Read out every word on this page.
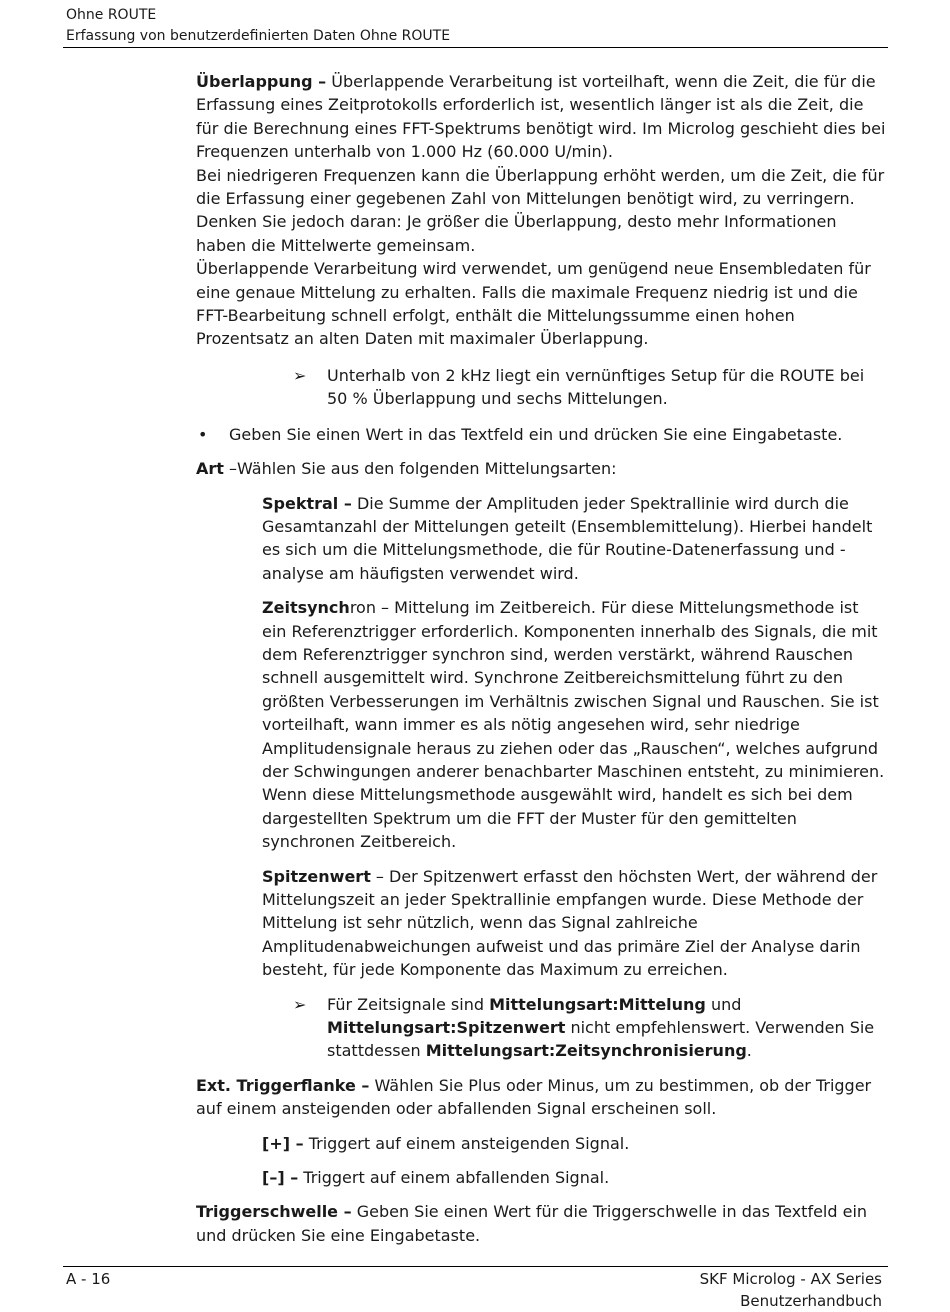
Ohne ROUTE
Erfassung von benutzerdefinierten Daten Ohne ROUTE

Überlappung – Überlappende Verarbeitung ist vorteilhaft, wenn die Zeit, die für die Erfassung eines Zeitprotokolls erforderlich ist, wesentlich länger ist als die Zeit, die für die Berechnung eines FFT-Spektrums benötigt wird. Im Microlog geschieht dies bei Frequenzen unterhalb von 1.000 Hz (60.000 U/min).

Bei niedrigeren Frequenzen kann die Überlappung erhöht werden, um die Zeit, die für die Erfassung einer gegebenen Zahl von Mittelungen benötigt wird, zu verringern. Denken Sie jedoch daran: Je größer die Überlappung, desto mehr Informationen haben die Mittelwerte gemeinsam.

Überlappende Verarbeitung wird verwendet, um genügend neue Ensembledaten für eine genaue Mittelung zu erhalten. Falls die maximale Frequenz niedrig ist und die FFT-Bearbeitung schnell erfolgt, enthält die Mittelungssumme einen hohen Prozentsatz an alten Daten mit maximaler Überlappung.

➢ Unterhalb von 2 kHz liegt ein vernünftiges Setup für die ROUTE bei 50 % Überlappung und sechs Mittelungen.
• Geben Sie einen Wert in das Textfeld ein und drücken Sie eine Eingabetaste.

Art –Wählen Sie aus den folgenden Mittelungsarten:

Spektral – Die Summe der Amplituden jeder Spektrallinie wird durch die Gesamtanzahl der Mittelungen geteilt (Ensemblemittelung). Hierbei handelt es sich um die Mittelungsmethode, die für Routine-Datenerfassung und -analyse am häufigsten verwendet wird.

Zeitsynchron – Mittelung im Zeitbereich. Für diese Mittelungsmethode ist ein Referenztrigger erforderlich. Komponenten innerhalb des Signals, die mit dem Referenztrigger synchron sind, werden verstärkt, während Rauschen schnell ausgemittelt wird. Synchrone Zeitbereichsmittelung führt zu den größten Verbesserungen im Verhältnis zwischen Signal und Rauschen. Sie ist vorteilhaft, wann immer es als nötig angesehen wird, sehr niedrige Amplitudensignale heraus zu ziehen oder das „Rauschen“, welches aufgrund der Schwingungen anderer benachbarter Maschinen entsteht, zu minimieren. Wenn diese Mittelungsmethode ausgewählt wird, handelt es sich bei dem dargestellten Spektrum um die FFT der Muster für den gemittelten synchronen Zeitbereich.

Spitzenwert – Der Spitzenwert erfasst den höchsten Wert, der während der Mittelungszeit an jeder Spektrallinie empfangen wurde. Diese Methode der Mittelung ist sehr nützlich, wenn das Signal zahlreiche Amplitudenabweichungen aufweist und das primäre Ziel der Analyse darin besteht, für jede Komponente das Maximum zu erreichen.

➢ Für Zeitsignale sind Mittelungsart:Mittelung und Mittelungsart:Spitzenwert nicht empfehlenswert. Verwenden Sie stattdessen Mittelungsart:Zeitsynchronisierung.

Ext. Triggerflanke – Wählen Sie Plus oder Minus, um zu bestimmen, ob der Trigger auf einem ansteigenden oder abfallenden Signal erscheinen soll.

[+] – Triggert auf einem ansteigenden Signal.

[–] – Triggert auf einem abfallenden Signal.

Triggerschwelle – Geben Sie einen Wert für die Triggerschwelle in das Textfeld ein und drücken Sie eine Eingabetaste.

A - 16	SKF Microlog - AX Series
Benutzerhandbuch
